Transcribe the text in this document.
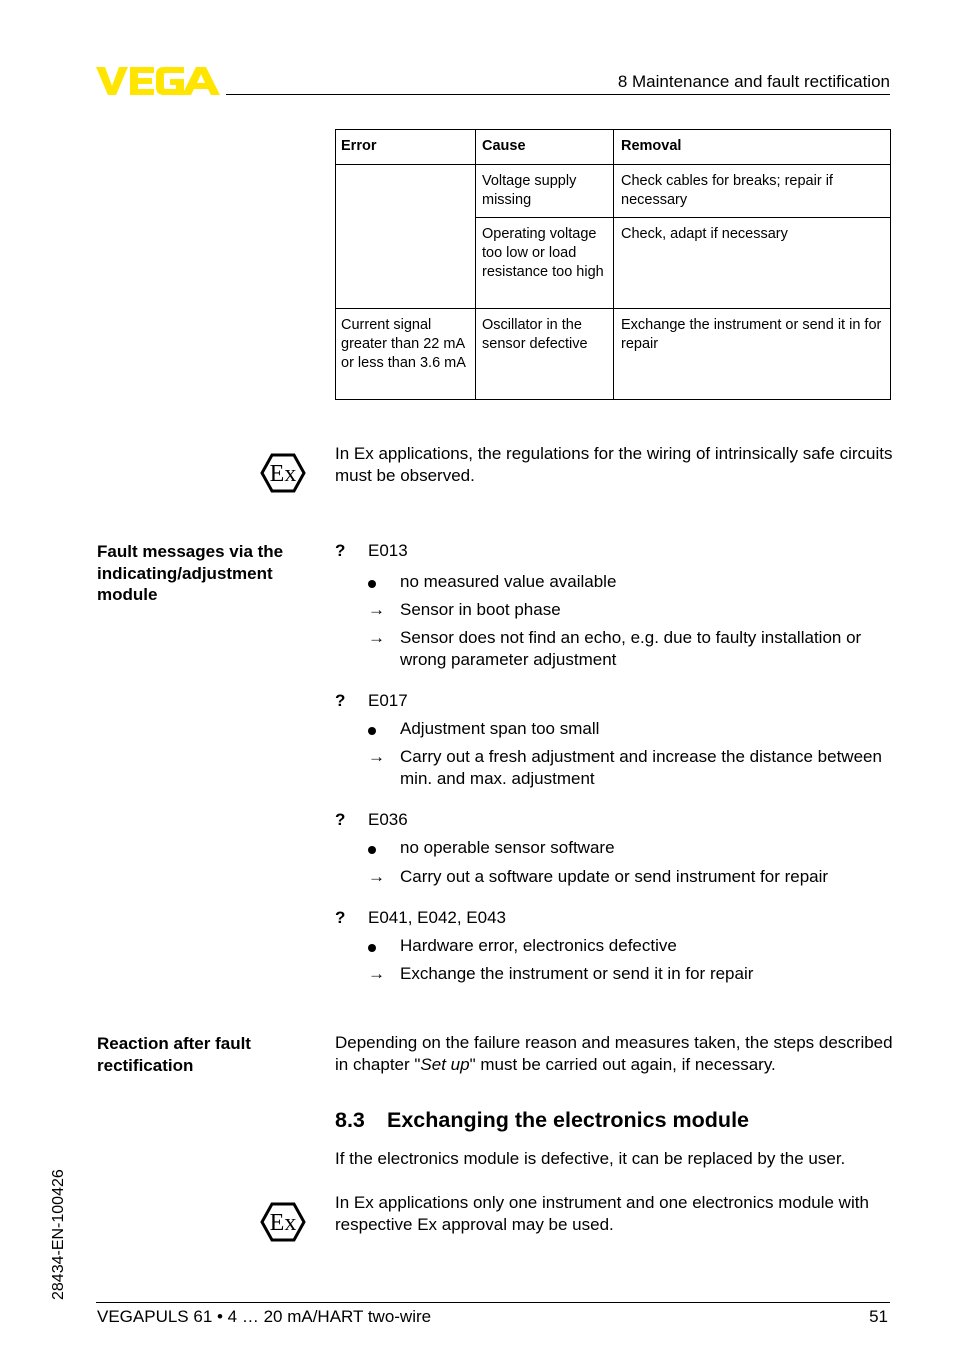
8 Maintenance and fault rectification
Error	Cause	Removal
	Voltage supply missing	Check cables for breaks; repair if necessary
	Operating voltage too low or load resistance too high	Check, adapt if necessary
Current signal greater than 22 mA or less than 3.6 mA	Oscillator in the sensor defective	Exchange the instrument or send it in for repair
Ex
In Ex applications, the regulations for the wiring of intrinsically safe circuits must be observed.
Fault messages via the indicating/adjustment module
? E013
no measured value available
→ Sensor in boot phase
→ Sensor does not find an echo, e.g. due to faulty installation or wrong parameter adjustment
? E017
Adjustment span too small
→ Carry out a fresh adjustment and increase the distance between min. and max. adjustment
? E036
no operable sensor software
→ Carry out a software update or send instrument for repair
? E041, E042, E043
Hardware error, electronics defective
→ Exchange the instrument or send it in for repair
Reaction after fault rectification
Depending on the failure reason and measures taken, the steps described in chapter "Set up" must be carried out again, if necessary.
8.3 Exchanging the electronics module
If the electronics module is defective, it can be replaced by the user.
Ex
In Ex applications only one instrument and one electronics module with respective Ex approval may be used.
28434-EN-100426
VEGAPULS 61 • 4 … 20 mA/HART two-wire	51
